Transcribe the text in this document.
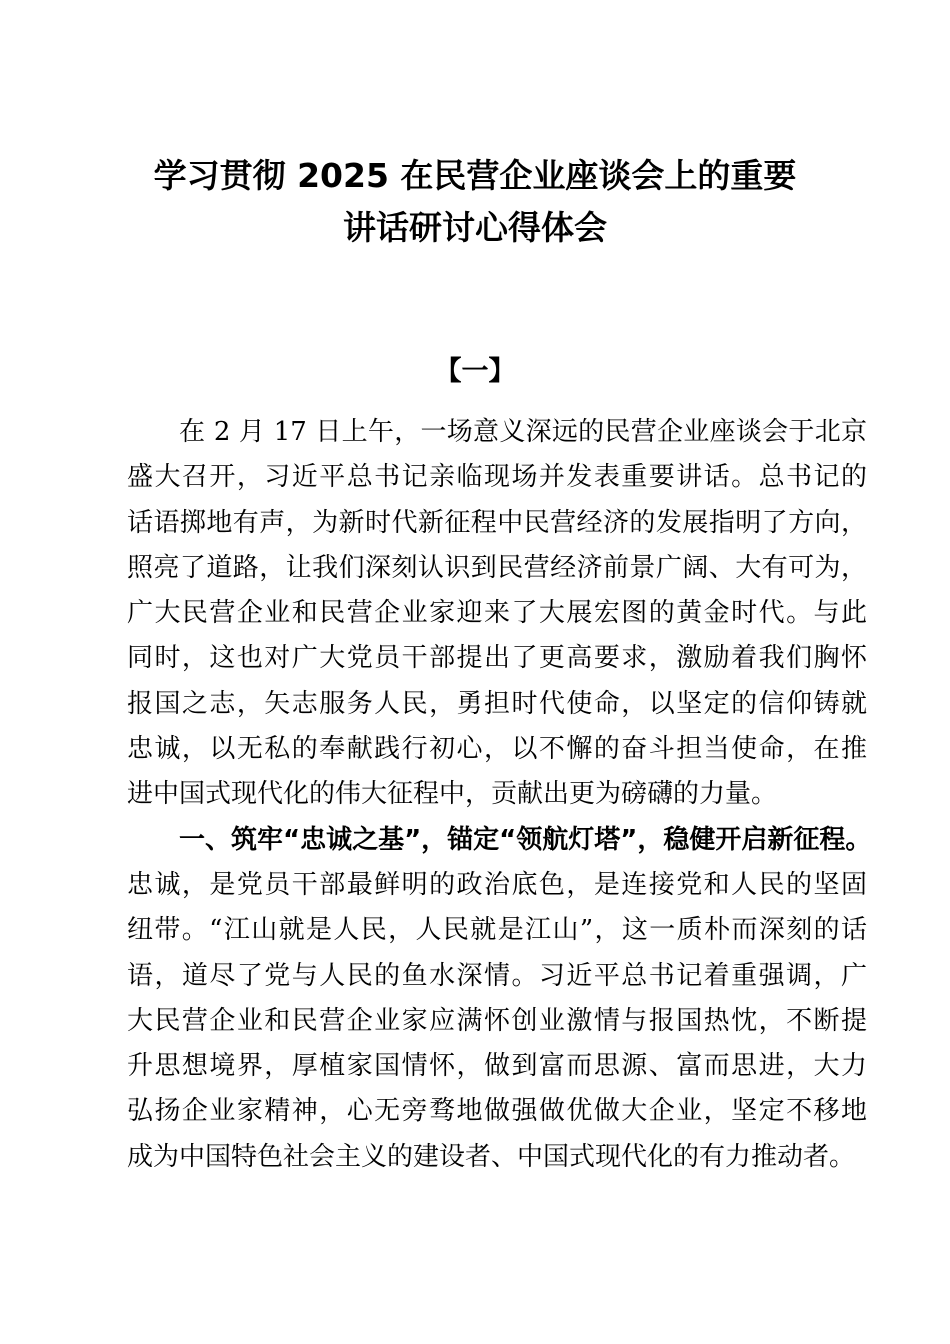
学习贯彻 2025 在民营企业座谈会上的重要
讲话研讨心得体会
【一】
在 2 月 17 日上午，一场意义深远的民营企业座谈会于北京
盛大召开，习近平总书记亲临现场并发表重要讲话。总书记的
话语掷地有声，为新时代新征程中民营经济的发展指明了方向，
照亮了道路，让我们深刻认识到民营经济前景广阔、大有可为，
广大民营企业和民营企业家迎来了大展宏图的黄金时代。与此
同时，这也对广大党员干部提出了更高要求，激励着我们胸怀
报国之志，矢志服务人民，勇担时代使命，以坚定的信仰铸就
忠诚，以无私的奉献践行初心，以不懈的奋斗担当使命，在推
进中国式现代化的伟大征程中，贡献出更为磅礴的力量。
一、筑牢“忠诚之基”，锚定“领航灯塔”，稳健开启新征程。
忠诚，是党员干部最鲜明的政治底色，是连接党和人民的坚固
纽带。“江山就是人民，人民就是江山”，这一质朴而深刻的话
语，道尽了党与人民的鱼水深情。习近平总书记着重强调，广
大民营企业和民营企业家应满怀创业激情与报国热忱，不断提
升思想境界，厚植家国情怀，做到富而思源、富而思进，大力
弘扬企业家精神，心无旁骛地做强做优做大企业，坚定不移地
成为中国特色社会主义的建设者、中国式现代化的有力推动者。
